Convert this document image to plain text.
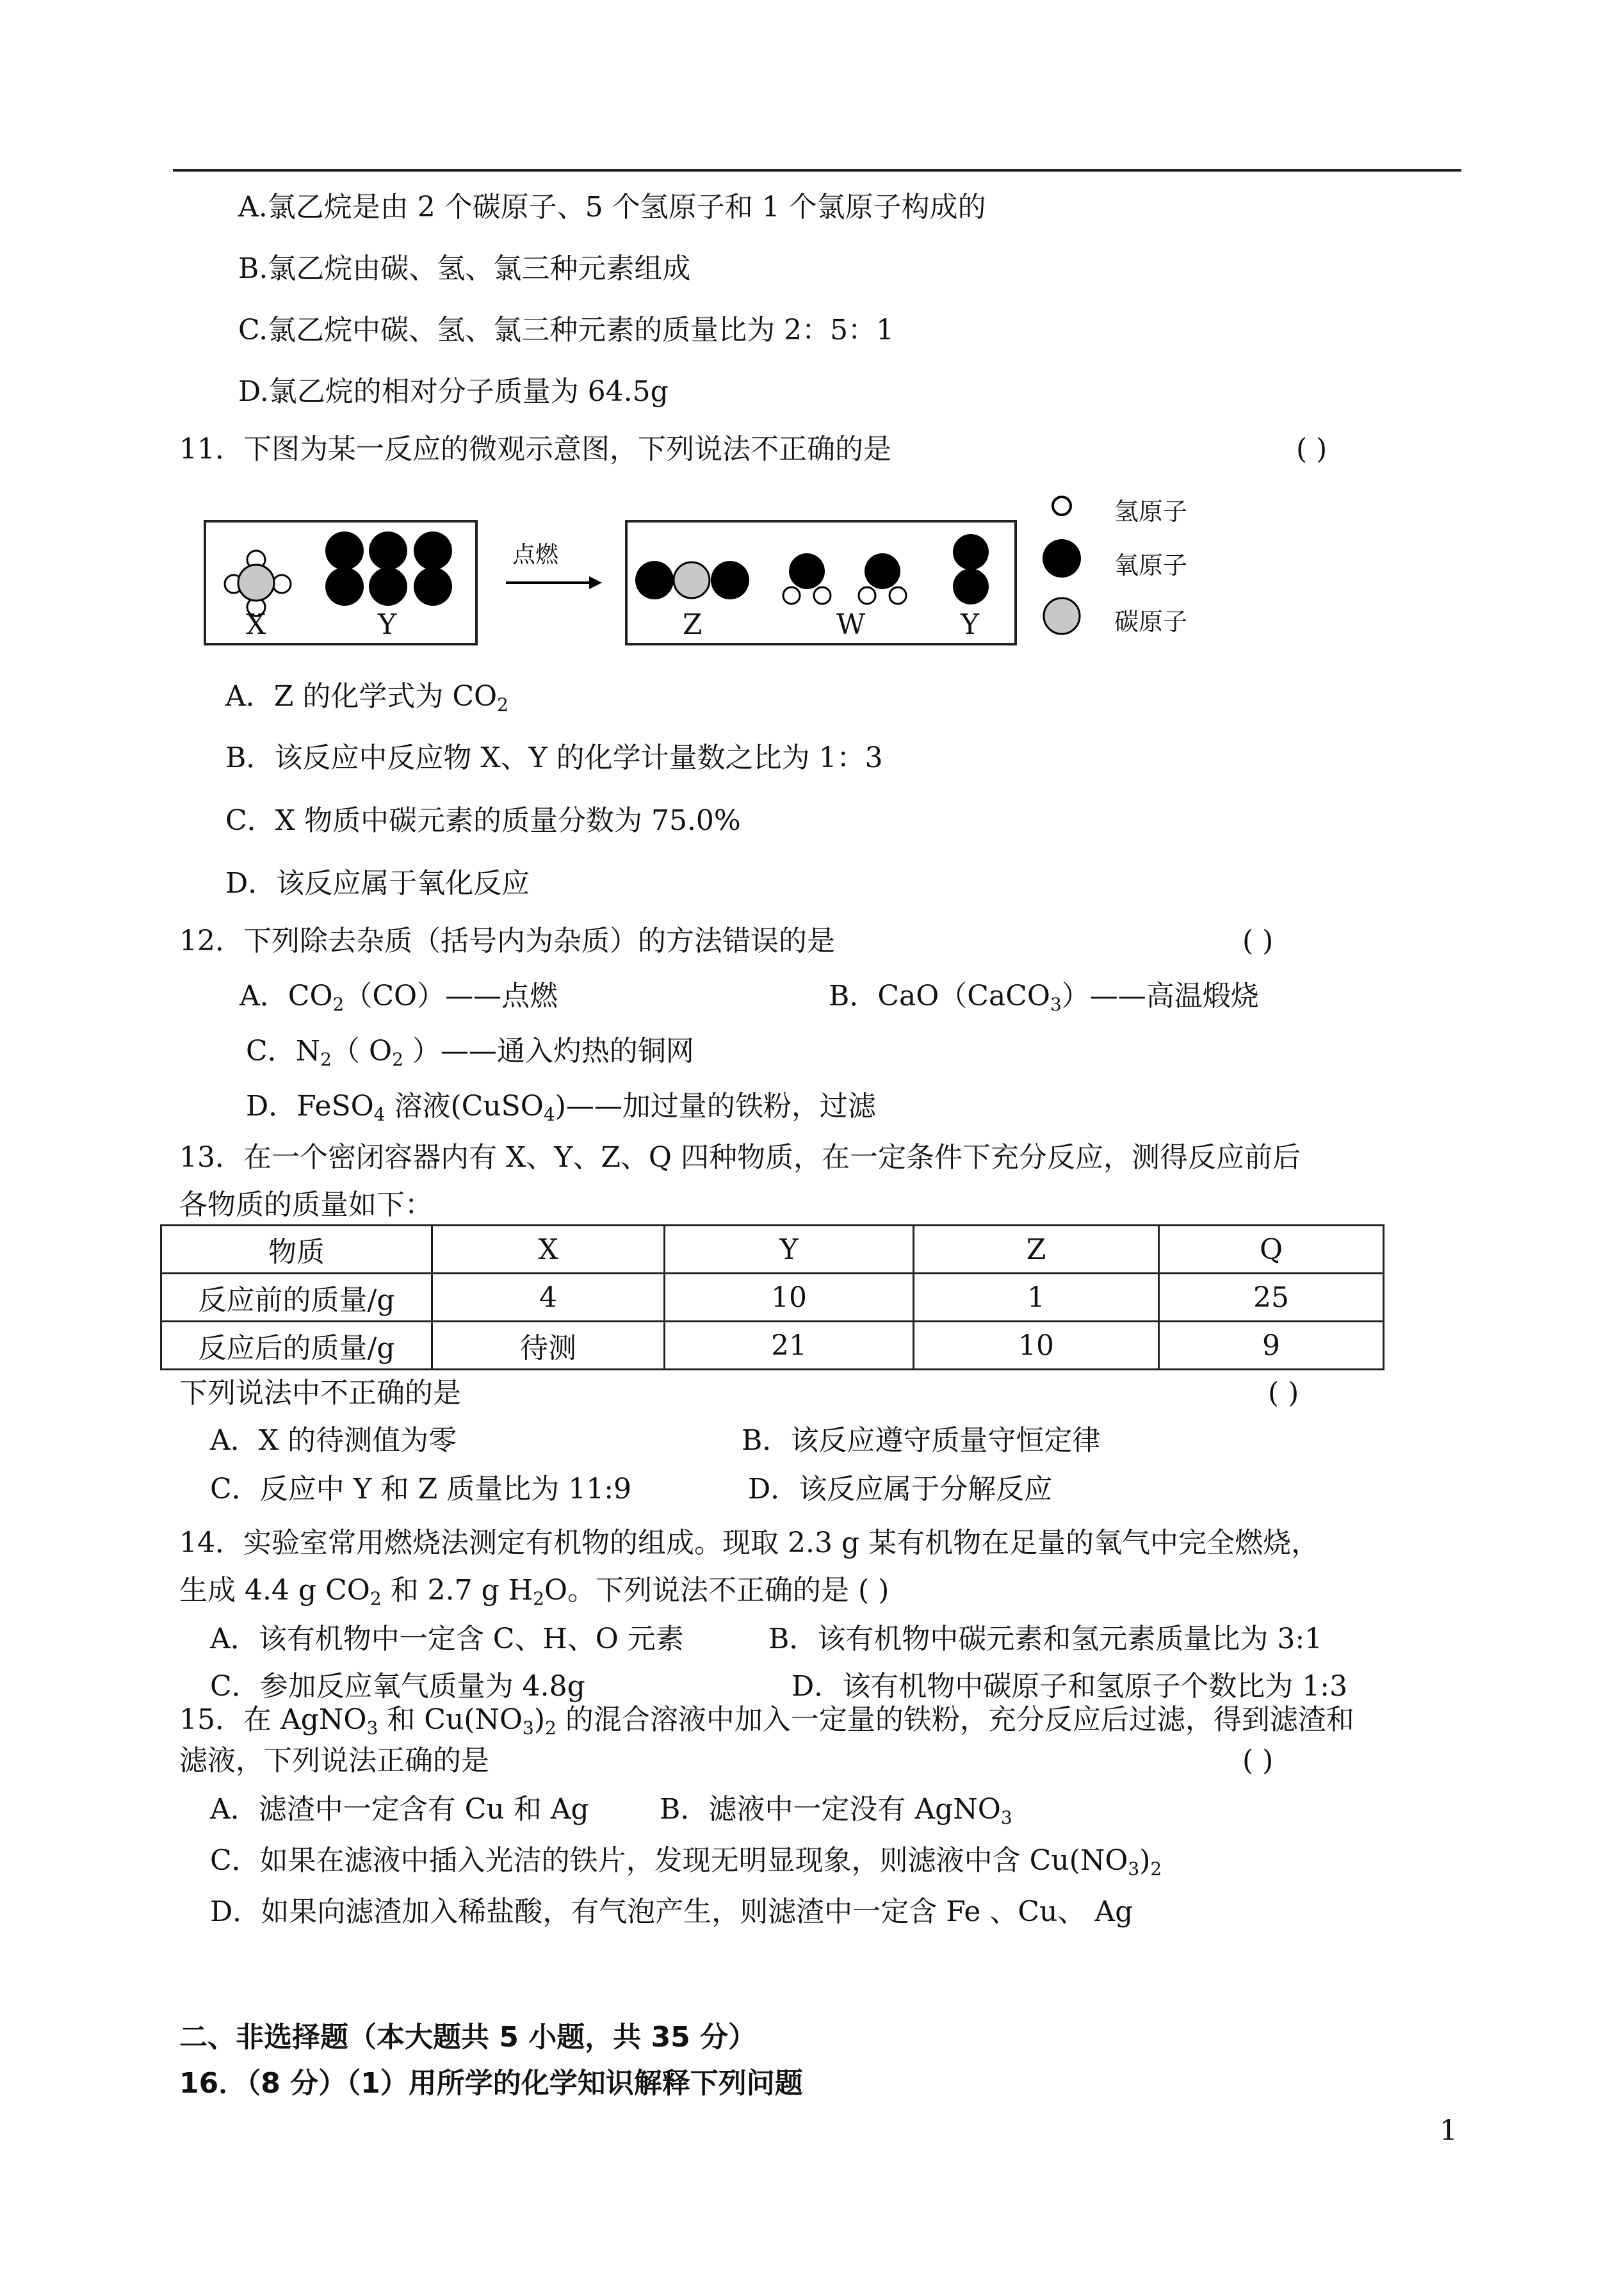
A.氯乙烷是由 2 个碳原子、5 个氢原子和 1 个氯原子构成的
B.氯乙烷由碳、氢、氯三种元素组成
C.氯乙烷中碳、氢、氯三种元素的质量比为 2：5：1
D.氯乙烷的相对分子质量为 64.5g
11．下图为某一反应的微观示意图，下列说法不正确的是	( )
点燃
X	Y	Z	W	Y
氢原子
氧原子
碳原子
A．Z 的化学式为 $CO_2$
B．该反应中反应物 X、Y 的化学计量数之比为 1：3
C．X 物质中碳元素的质量分数为 75.0%
D．该反应属于氧化反应
12．下列除去杂质（括号内为杂质）的方法错误的是	( )
A．$CO_2(CO)——$点燃	B．CaO（CaCO$_3$）——高温煅烧
C．$N_2$（ $O_2$ ）——通入灼热的铜网
D．FeSO$_4$ 溶液(CuSO$_4$)——加过量的铁粉，过滤
13．在一个密闭容器内有 X、Y、Z、Q 四种物质，在一定条件下充分反应，测得反应前后
各物质的质量如下：
物质	X	Y	Z	Q
反应前的质量/g	4	10	1	25
反应后的质量/g	待测	21	10	9
下列说法中不正确的是	( )
A．X 的待测值为零	B．该反应遵守质量守恒定律
C．反应中 Y 和 Z 质量比为 11:9	D．该反应属于分解反应
14．实验室常用燃烧法测定有机物的组成。现取 2.3 g 某有机物在足量的氧气中完全燃烧，
生成 4.4 g $CO_2$ 和 2.7 g $H_2O$。下列说法不正确的是 ( )
A．该有机物中一定含 C、H、O 元素	B．该有机物中碳元素和氢元素质量比为 3:1
C．参加反应氧气质量为 4.8g	D．该有机物中碳原子和氢原子个数比为 1:3
15．在 AgNO$_3$ 和 $Cu(NO_3)_2$ 的混合溶液中加入一定量的铁粉，充分反应后过滤，得到滤渣和
滤液，下列说法正确的是	( )
A．滤渣中一定含有 Cu 和 Ag	B．滤液中一定没有 AgNO$_3$
C．如果在滤液中插入光洁的铁片，发现无明显现象，则滤液中含 $Cu(NO_3)_2$
D．如果向滤渣加入稀盐酸，有气泡产生，则滤渣中一定含 Fe 、Cu、 Ag
二、非选择题（本大题共 5 小题，共 35 分）
16．（8 分）（1）用所学的化学知识解释下列问题
1
